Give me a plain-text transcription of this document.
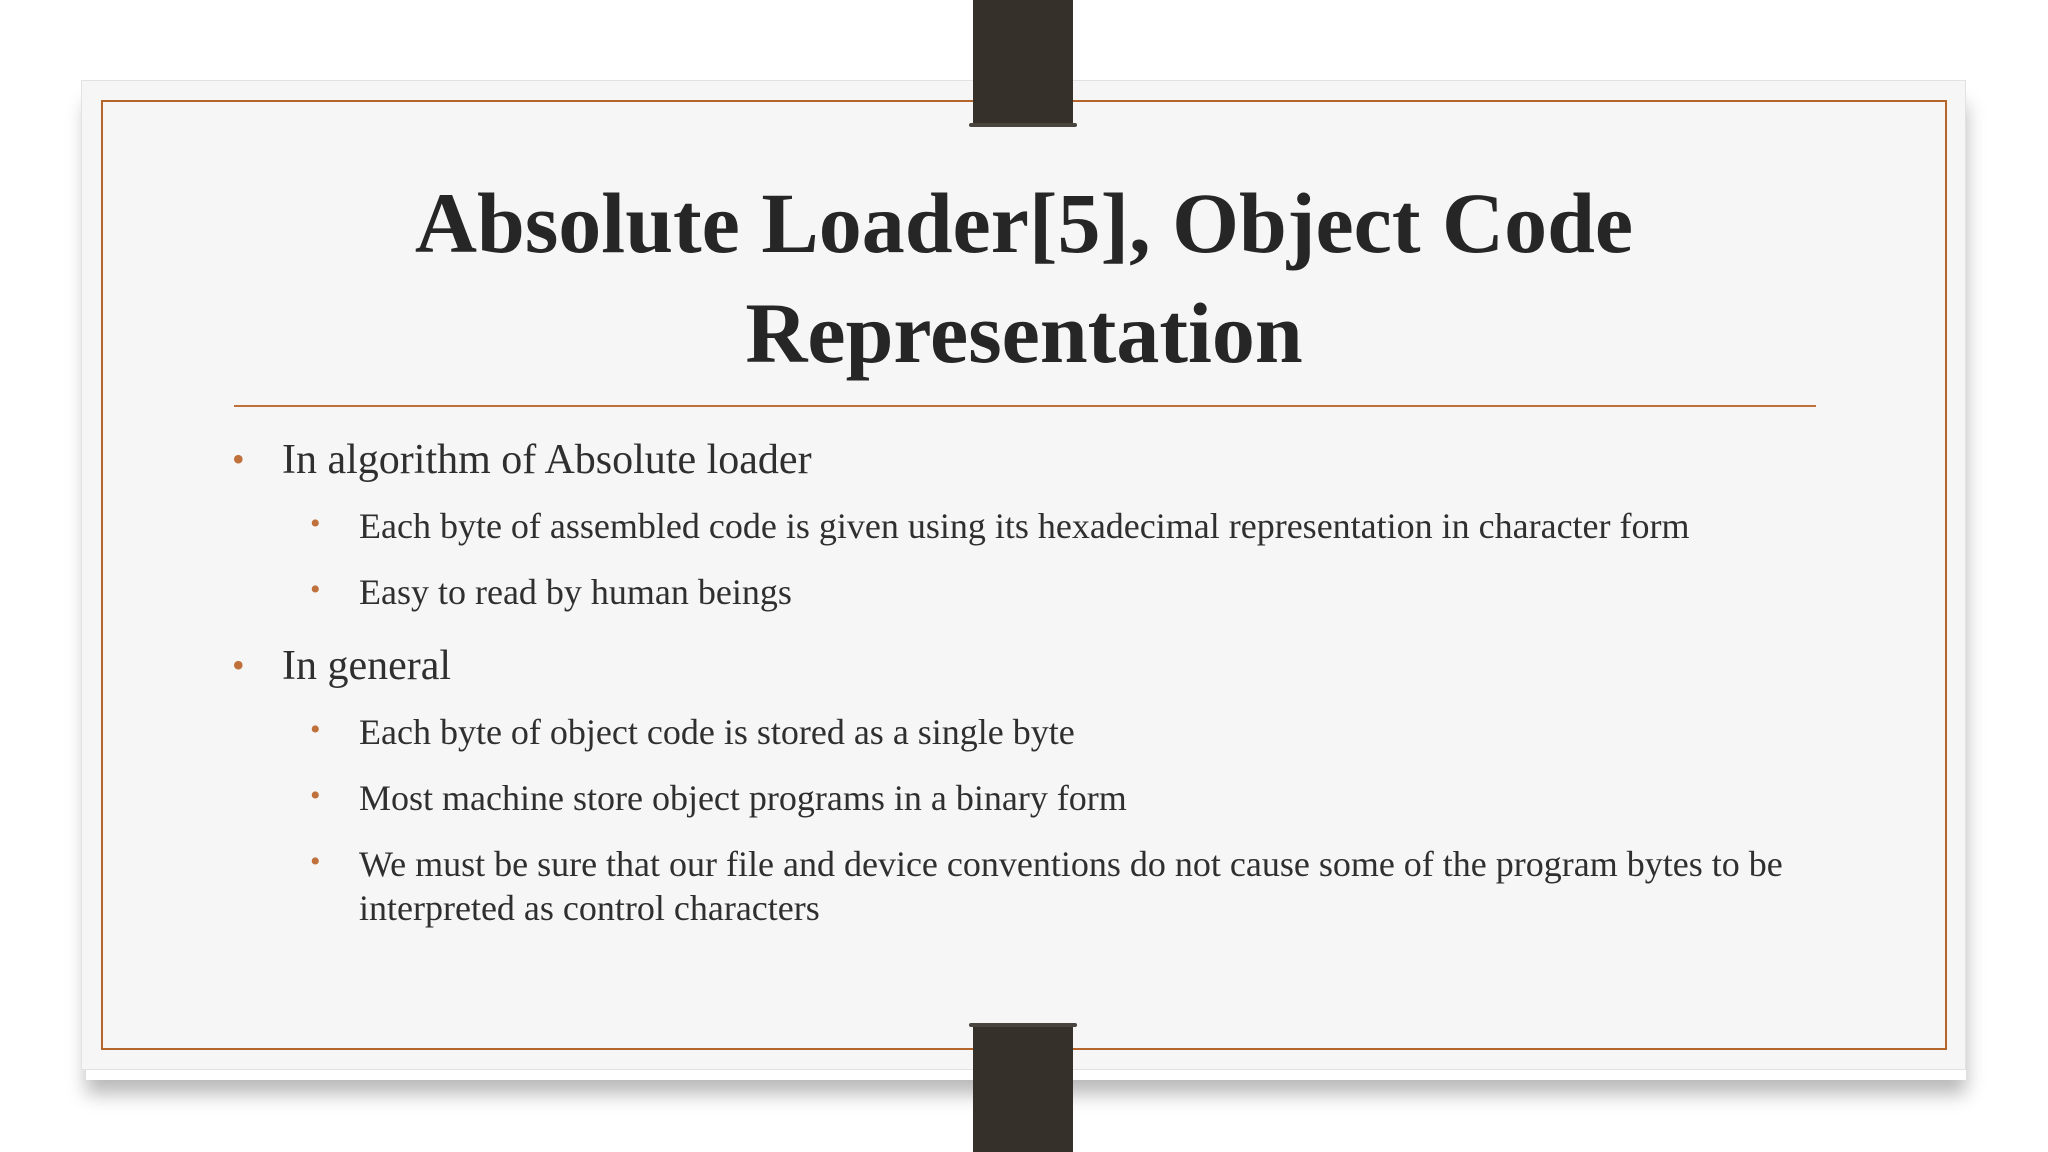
Absolute Loader[5], Object Code
Representation

• In algorithm of Absolute loader

• Each byte of assembled code is given using its hexadecimal representation in character form

• Easy to read by human beings

• In general

• Each byte of object code is stored as a single byte

• Most machine store object programs in a binary form

• We must be sure that our file and device conventions do not cause some of the program bytes to be interpreted as control characters
